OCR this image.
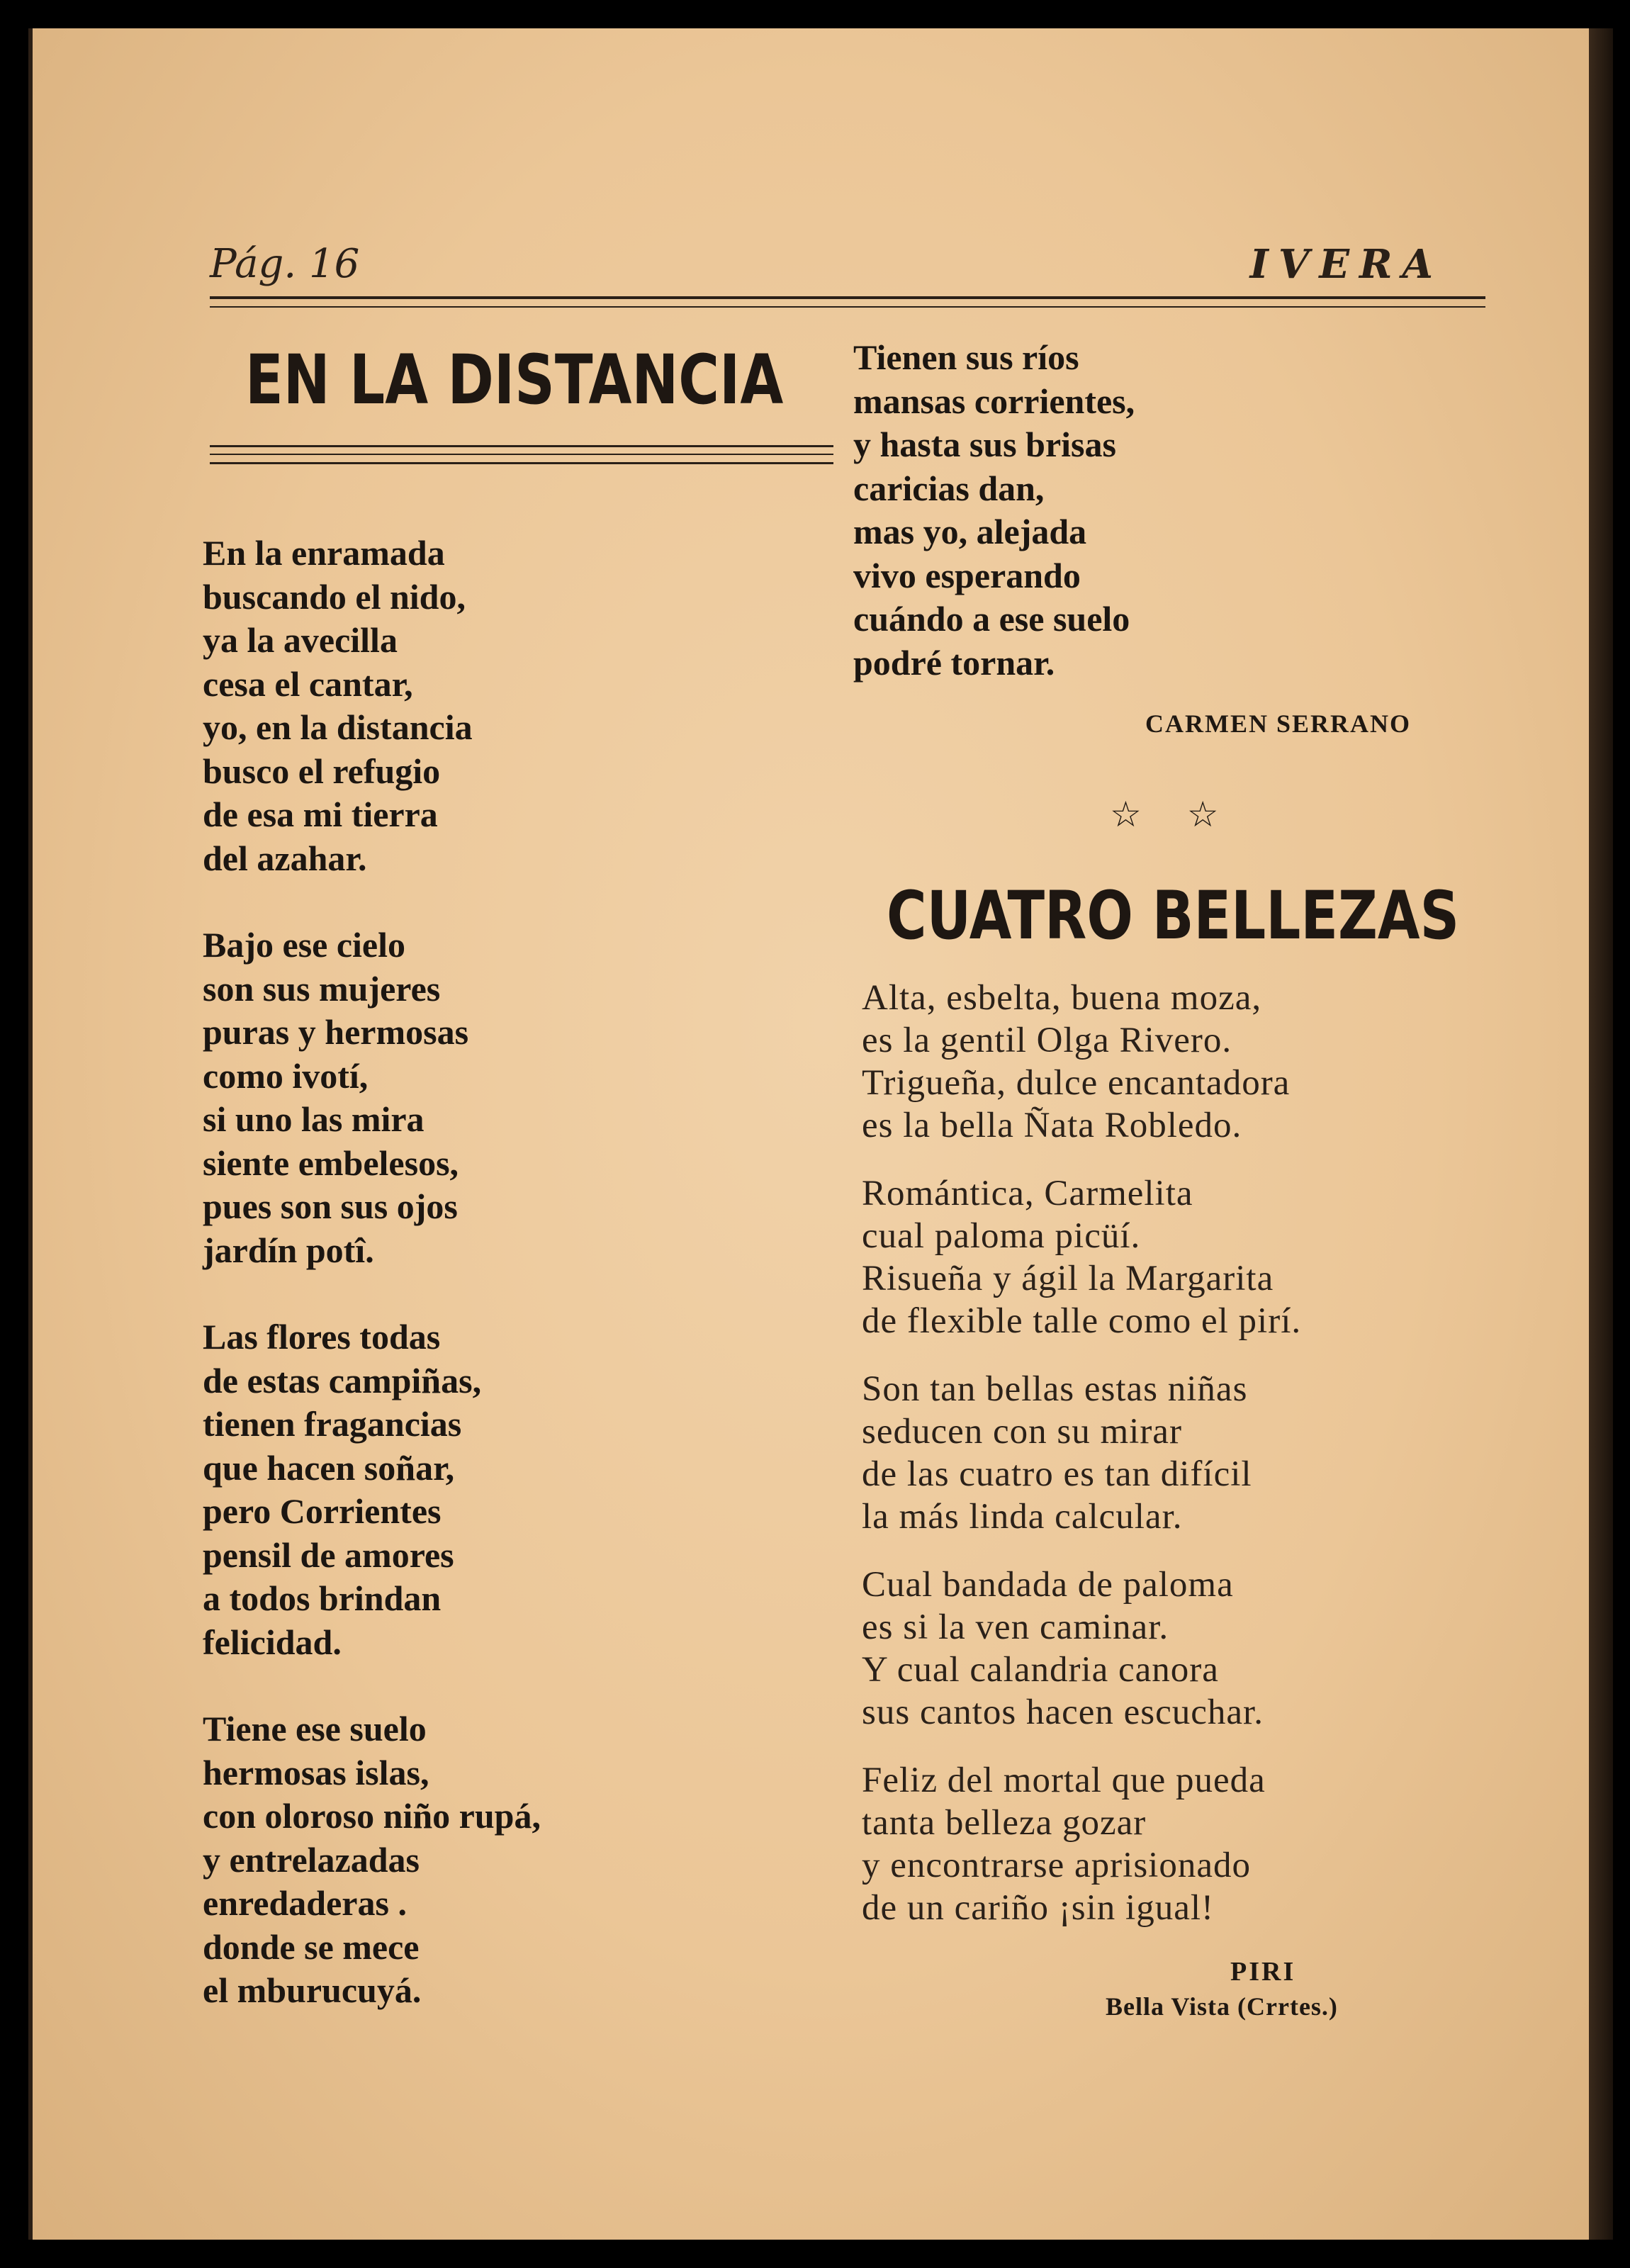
Pág. 16	IVERA
EN LA DISTANCIA
En la enramada
buscando el nido,
ya la avecilla
cesa el cantar,
yo, en la distancia
busco el refugio
de esa mi tierra
del azahar.
Bajo ese cielo
son sus mujeres
puras y hermosas
como ivotí,
si uno las mira
siente embelesos,
pues son sus ojos
jardín potî.
Las flores todas
de estas campiñas,
tienen fragancias
que hacen soñar,
pero Corrientes
pensil de amores
a todos brindan
felicidad.
Tiene ese suelo
hermosas islas,
con oloroso niño rupá,
y entrelazadas
enredaderas .
donde se mece
el mburucuyá.
Tienen sus ríos
mansas corrientes,
y hasta sus brisas
caricias dan,
mas yo, alejada
vivo esperando
cuándo a ese suelo
podré tornar.
CARMEN SERRANO
☆ ☆
CUATRO BELLEZAS
Alta, esbelta, buena moza,
es la gentil Olga Rivero.
Trigueña, dulce encantadora
es la bella Ñata Robledo.
Romántica, Carmelita
cual paloma picüí.
Risueña y ágil la Margarita
de flexible talle como el pirí.
Son tan bellas estas niñas
seducen con su mirar
de las cuatro es tan difícil
la más linda calcular.
Cual bandada de paloma
es si la ven caminar.
Y cual calandria canora
sus cantos hacen escuchar.
Feliz del mortal que pueda
tanta belleza gozar
y encontrarse aprisionado
de un cariño ¡sin igual!
PIRI
Bella Vista (Crrtes.)
